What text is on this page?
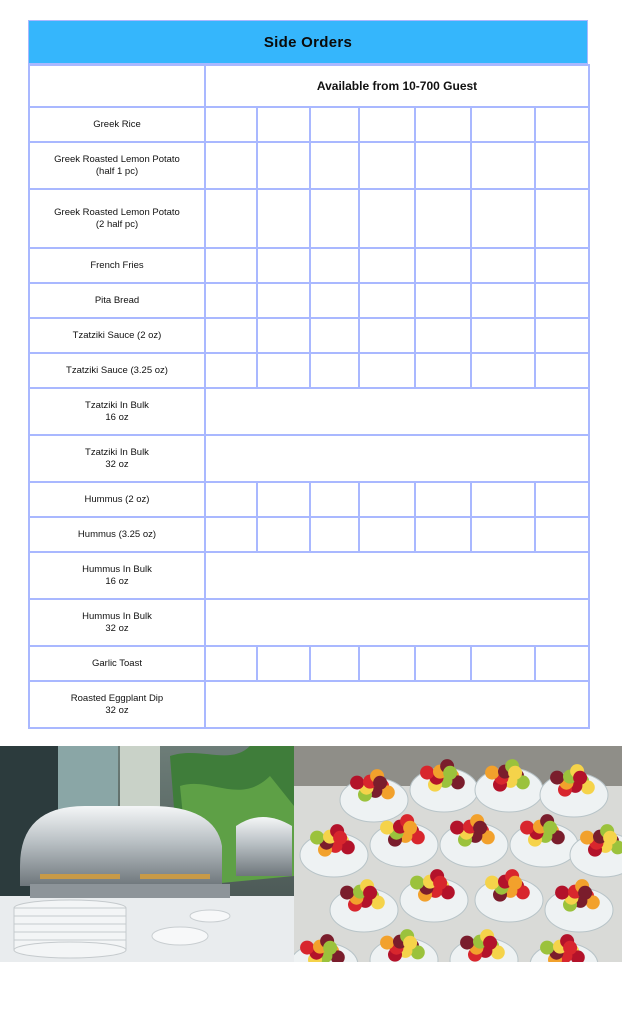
Side Orders
	Available from 10-700 Guest						
Greek Rice							
Greek Roasted Lemon Potato
(half 1 pc)							
Greek Roasted Lemon Potato
(2 half pc)							
French Fries							
Pita Bread							
Tzatziki Sauce (2 oz)							
Tzatziki Sauce (3.25 oz)							
Tzatziki In Bulk
16 oz							
Tzatziki In Bulk
32 oz							
Hummus (2 oz)							
Hummus (3.25 oz)							
Hummus In Bulk
16 oz							
Hummus In Bulk
32 oz							
Garlic Toast							
Roasted Eggplant Dip
32 oz							
